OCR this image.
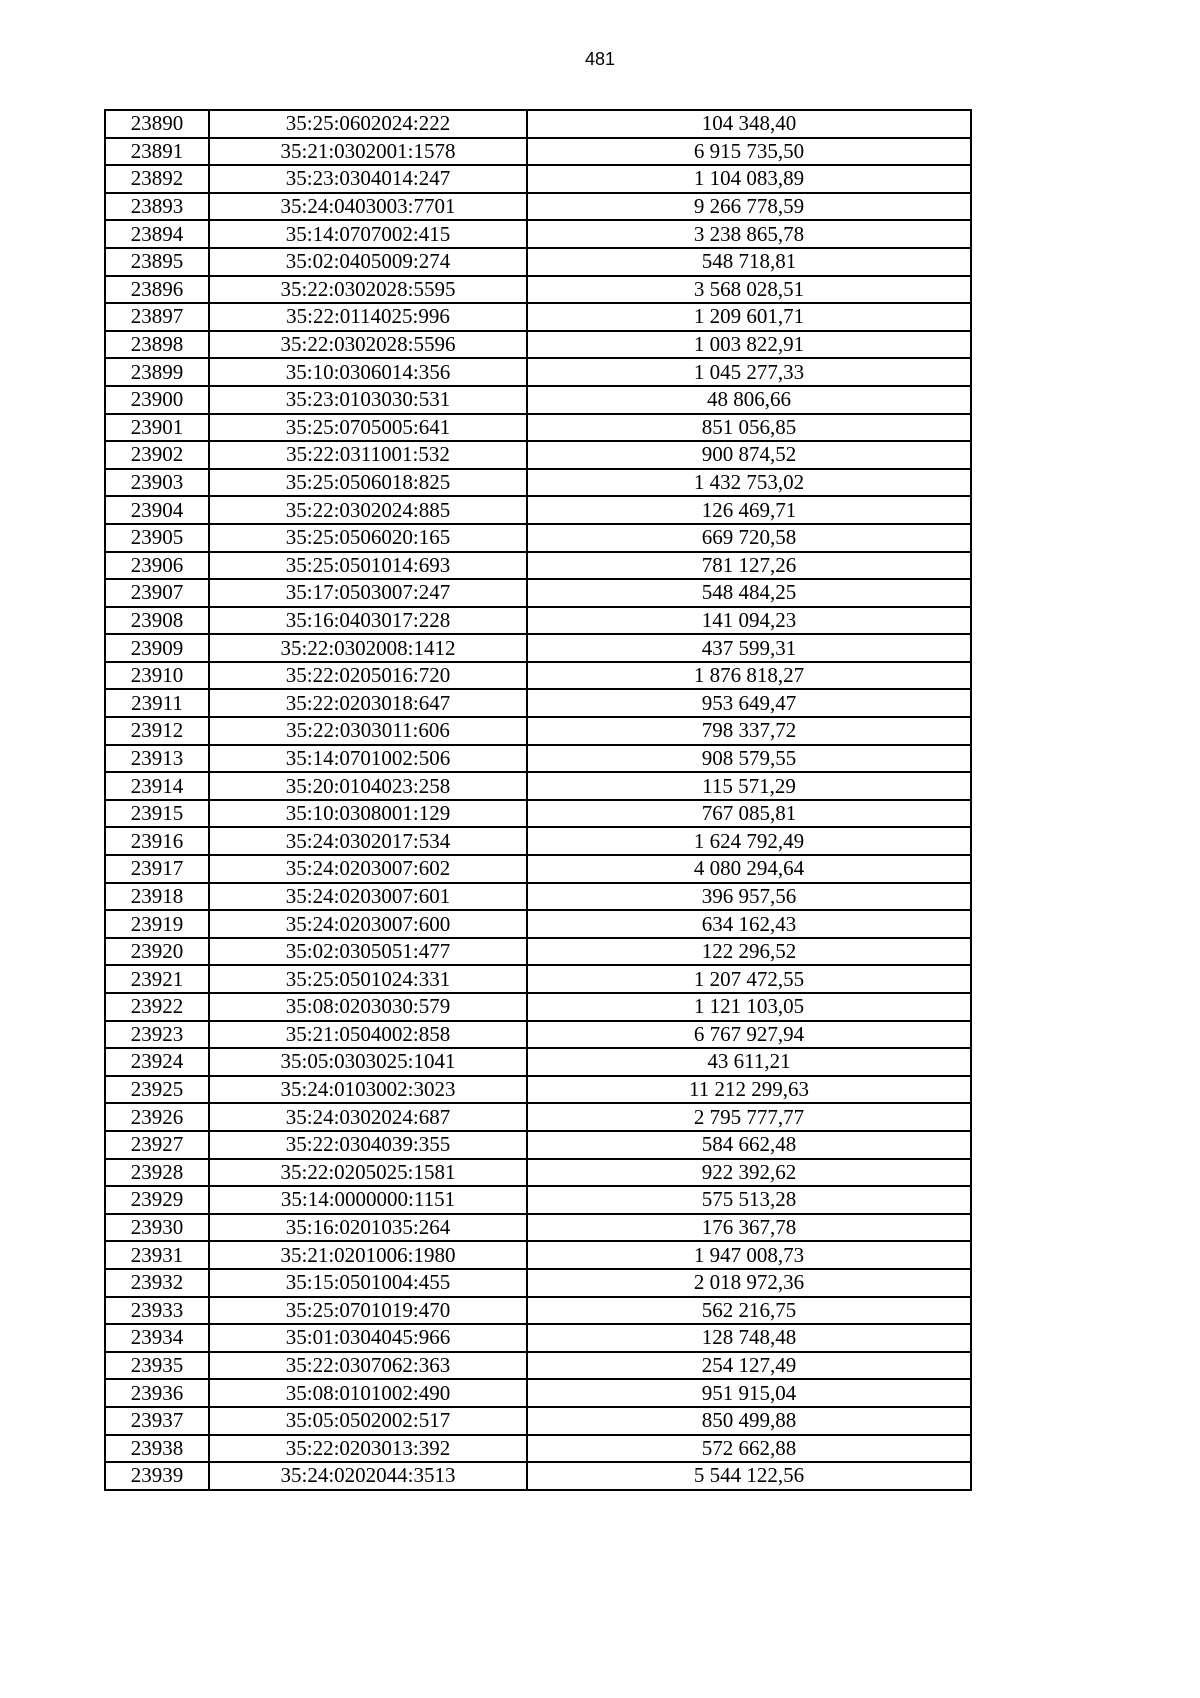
481
23890	35:25:0602024:222	104 348,40
23891	35:21:0302001:1578	6 915 735,50
23892	35:23:0304014:247	1 104 083,89
23893	35:24:0403003:7701	9 266 778,59
23894	35:14:0707002:415	3 238 865,78
23895	35:02:0405009:274	548 718,81
23896	35:22:0302028:5595	3 568 028,51
23897	35:22:0114025:996	1 209 601,71
23898	35:22:0302028:5596	1 003 822,91
23899	35:10:0306014:356	1 045 277,33
23900	35:23:0103030:531	48 806,66
23901	35:25:0705005:641	851 056,85
23902	35:22:0311001:532	900 874,52
23903	35:25:0506018:825	1 432 753,02
23904	35:22:0302024:885	126 469,71
23905	35:25:0506020:165	669 720,58
23906	35:25:0501014:693	781 127,26
23907	35:17:0503007:247	548 484,25
23908	35:16:0403017:228	141 094,23
23909	35:22:0302008:1412	437 599,31
23910	35:22:0205016:720	1 876 818,27
23911	35:22:0203018:647	953 649,47
23912	35:22:0303011:606	798 337,72
23913	35:14:0701002:506	908 579,55
23914	35:20:0104023:258	115 571,29
23915	35:10:0308001:129	767 085,81
23916	35:24:0302017:534	1 624 792,49
23917	35:24:0203007:602	4 080 294,64
23918	35:24:0203007:601	396 957,56
23919	35:24:0203007:600	634 162,43
23920	35:02:0305051:477	122 296,52
23921	35:25:0501024:331	1 207 472,55
23922	35:08:0203030:579	1 121 103,05
23923	35:21:0504002:858	6 767 927,94
23924	35:05:0303025:1041	43 611,21
23925	35:24:0103002:3023	11 212 299,63
23926	35:24:0302024:687	2 795 777,77
23927	35:22:0304039:355	584 662,48
23928	35:22:0205025:1581	922 392,62
23929	35:14:0000000:1151	575 513,28
23930	35:16:0201035:264	176 367,78
23931	35:21:0201006:1980	1 947 008,73
23932	35:15:0501004:455	2 018 972,36
23933	35:25:0701019:470	562 216,75
23934	35:01:0304045:966	128 748,48
23935	35:22:0307062:363	254 127,49
23936	35:08:0101002:490	951 915,04
23937	35:05:0502002:517	850 499,88
23938	35:22:0203013:392	572 662,88
23939	35:24:0202044:3513	5 544 122,56
